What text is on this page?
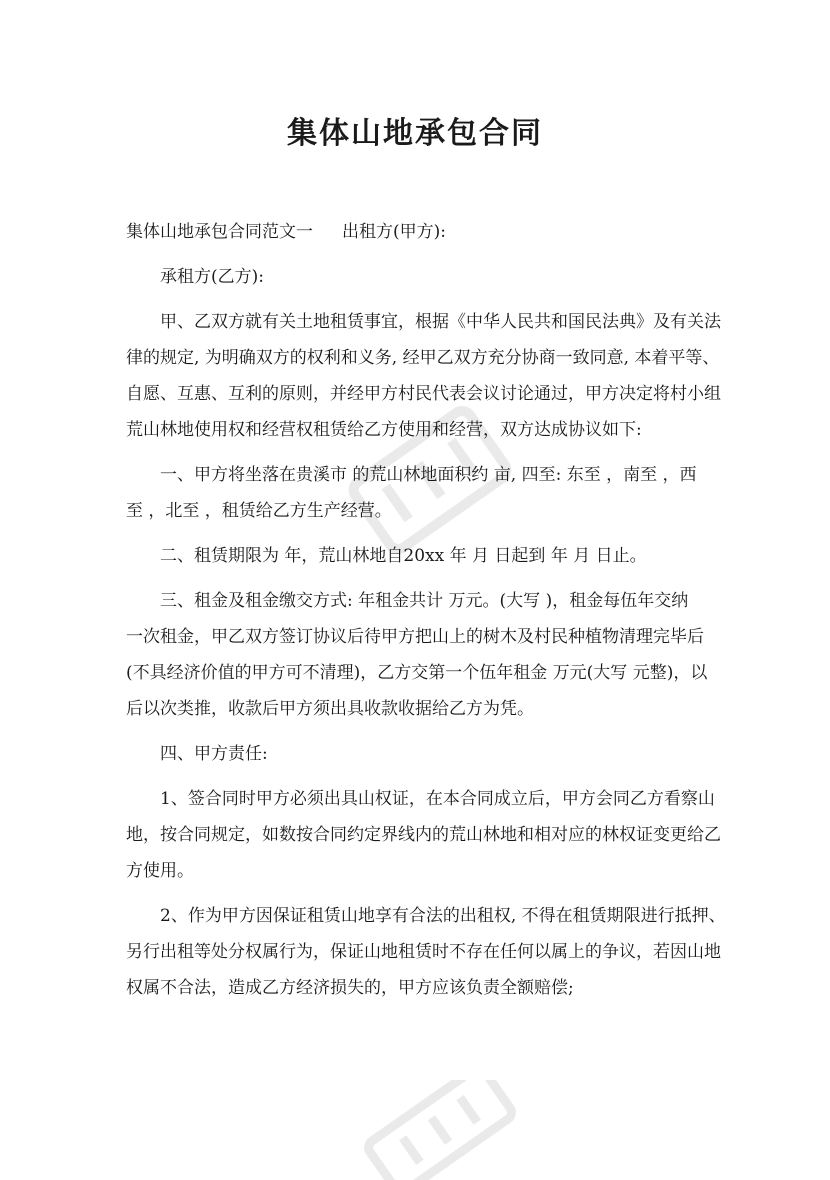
集体山地承包合同

集体山地承包合同范文一 出租方(甲方):

承租方(乙方):

甲、乙双方就有关土地租赁事宜，根据《中华人民共和国民法典》及有关法

律的规定, 为明确双方的权利和义务, 经甲乙双方充分协商一致同意, 本着平等、

自愿、互惠、互利的原则，并经甲方村民代表会议讨论通过，甲方决定将村小组

荒山林地使用权和经营权租赁给乙方使用和经营，双方达成协议如下:

一、甲方将坐落在贵溪市 的荒山林地面积约 亩, 四至: 东至 ，南至 ，西

至 ，北至 ，租赁给乙方生产经营。

二、租赁期限为 年，荒山林地自20xx 年 月 日起到 年 月 日止。

三、租金及租金缴交方式: 年租金共计 万元。(大写 )，租金每伍年交纳

一次租金，甲乙双方签订协议后待甲方把山上的树木及村民种植物清理完毕后

(不具经济价值的甲方可不清理)，乙方交第一个伍年租金 万元(大写 元整)，以

后以次类推，收款后甲方须出具收款收据给乙方为凭。

四、甲方责任:

1、签合同时甲方必须出具山权证，在本合同成立后，甲方会同乙方看察山

地，按合同规定，如数按合同约定界线内的荒山林地和相对应的林权证变更给乙

方使用。

2、作为甲方因保证租赁山地享有合法的出租权, 不得在租赁期限进行抵押、

另行出租等处分权属行为，保证山地租赁时不存在任何以属上的争议，若因山地

权属不合法，造成乙方经济损失的，甲方应该负责全额赔偿;
